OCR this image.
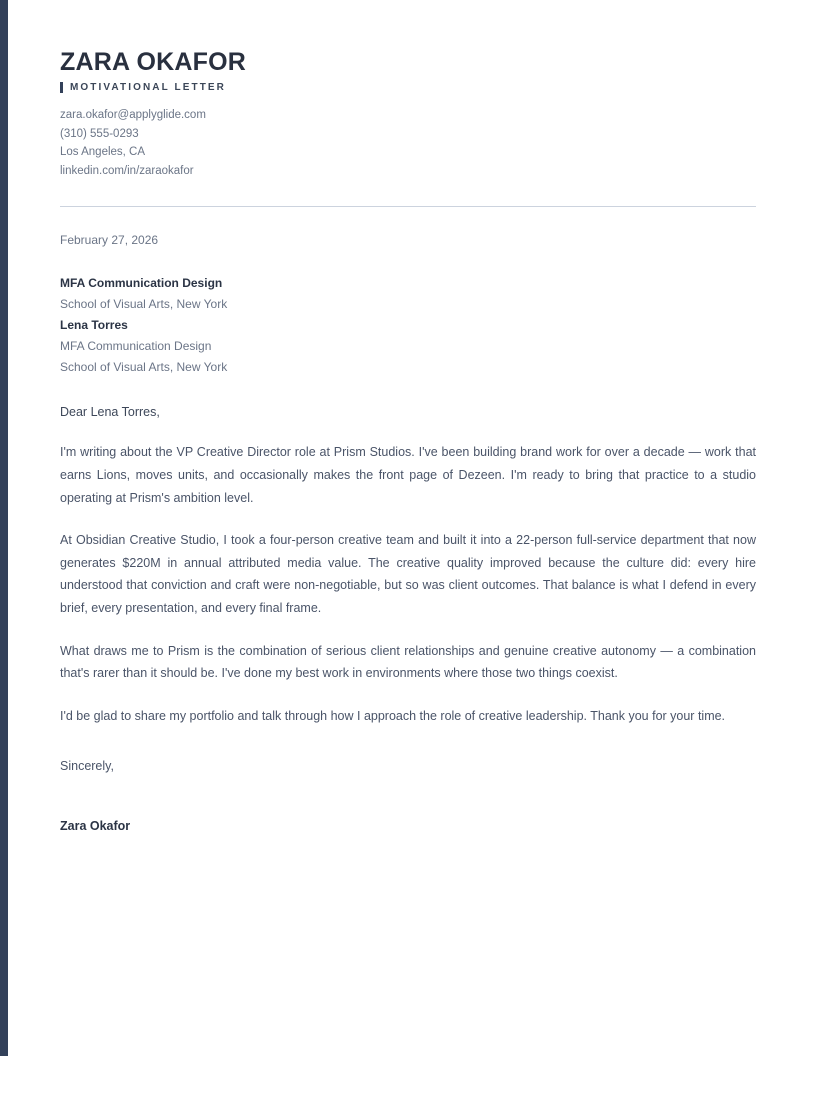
ZARA OKAFOR
MOTIVATIONAL LETTER
zara.okafor@applyglide.com
(310) 555-0293
Los Angeles, CA
linkedin.com/in/zaraokafor
February 27, 2026
MFA Communication Design
School of Visual Arts, New York
Lena Torres
MFA Communication Design
School of Visual Arts, New York
Dear Lena Torres,

I'm writing about the VP Creative Director role at Prism Studios. I've been building brand work for over a decade — work that earns Lions, moves units, and occasionally makes the front page of Dezeen. I'm ready to bring that practice to a studio operating at Prism's ambition level.

At Obsidian Creative Studio, I took a four-person creative team and built it into a 22-person full-service department that now generates $220M in annual attributed media value. The creative quality improved because the culture did: every hire understood that conviction and craft were non-negotiable, but so was client outcomes. That balance is what I defend in every brief, every presentation, and every final frame.

What draws me to Prism is the combination of serious client relationships and genuine creative autonomy — a combination that's rarer than it should be. I've done my best work in environments where those two things coexist.

I'd be glad to share my portfolio and talk through how I approach the role of creative leadership. Thank you for your time.

Sincerely,
Zara Okafor
